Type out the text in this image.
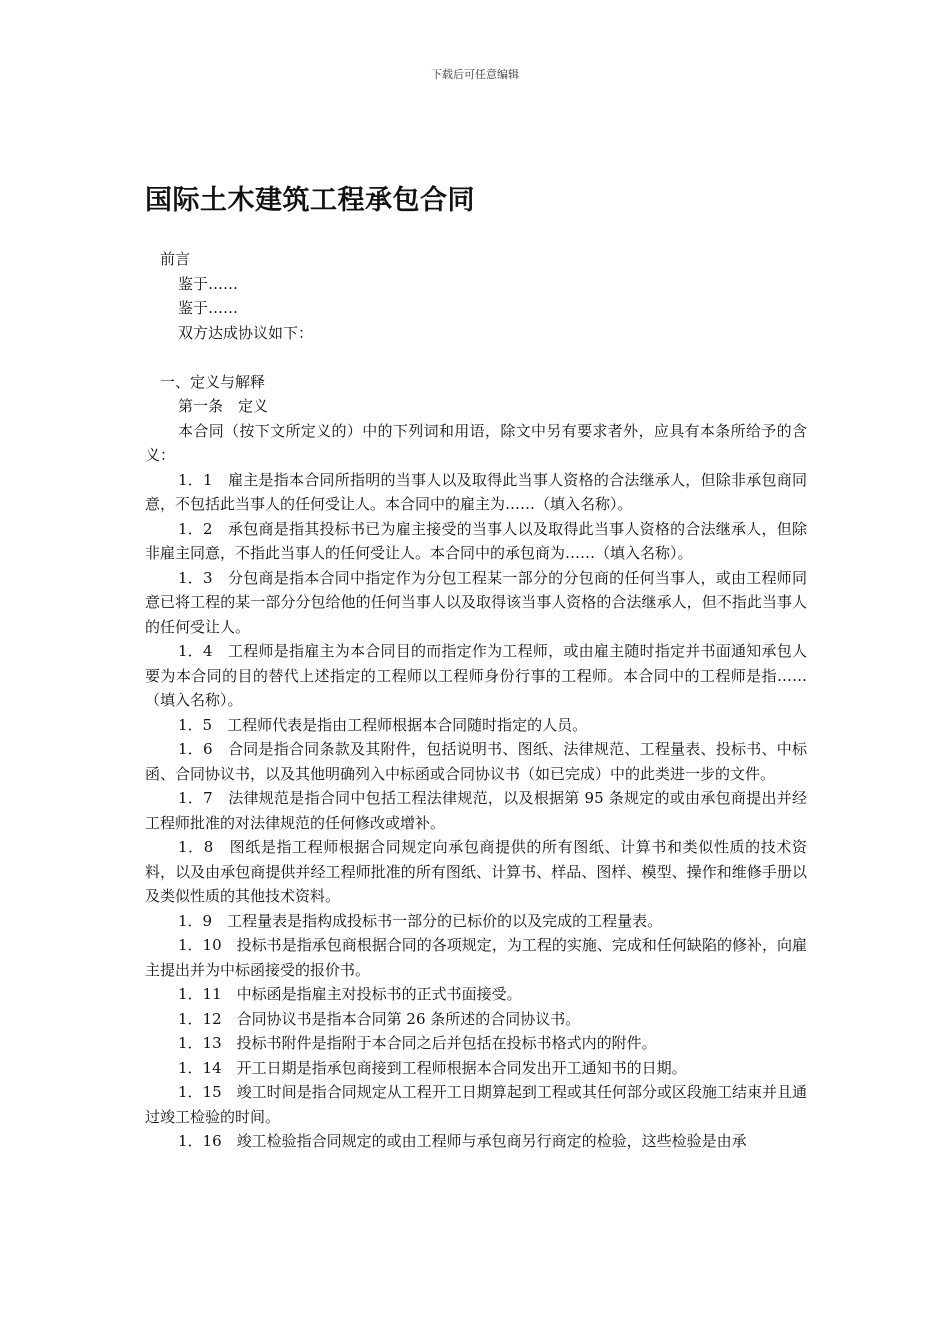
下载后可任意编辑
国际土木建筑工程承包合同

前言

鉴于……

鉴于……

双方达成协议如下：

一、定义与解释

第一条　定义

本合同（按下文所定义的）中的下列词和用语，除文中另有要求者外，应具有本条所给予的含义：

1．1　雇主是指本合同所指明的当事人以及取得此当事人资格的合法继承人，但除非承包商同意，不包括此当事人的任何受让人。本合同中的雇主为……（填入名称）。

1．2　承包商是指其投标书已为雇主接受的当事人以及取得此当事人资格的合法继承人，但除非雇主同意，不指此当事人的任何受让人。本合同中的承包商为……（填入名称）。

1．3　分包商是指本合同中指定作为分包工程某一部分的分包商的任何当事人，或由工程师同意已将工程的某一部分分包给他的任何当事人以及取得该当事人资格的合法继承人，但不指此当事人的任何受让人。

1．4　工程师是指雇主为本合同目的而指定作为工程师，或由雇主随时指定并书面通知承包人要为本合同的目的替代上述指定的工程师以工程师身份行事的工程师。本合同中的工程师是指……（填入名称）。

1．5　工程师代表是指由工程师根据本合同随时指定的人员。

1．6　合同是指合同条款及其附件，包括说明书、图纸、法律规范、工程量表、投标书、中标函、合同协议书，以及其他明确列入中标函或合同协议书（如已完成）中的此类进一步的文件。

1．7　法律规范是指合同中包括工程法律规范，以及根据第 95 条规定的或由承包商提出并经工程师批准的对法律规范的任何修改或增补。

1．8　图纸是指工程师根据合同规定向承包商提供的所有图纸、计算书和类似性质的技术资料，以及由承包商提供并经工程师批准的所有图纸、计算书、样品、图样、模型、操作和维修手册以及类似性质的其他技术资料。

1．9　工程量表是指构成投标书一部分的已标价的以及完成的工程量表。

1．10　投标书是指承包商根据合同的各项规定，为工程的实施、完成和任何缺陷的修补，向雇主提出并为中标函接受的报价书。

1．11　中标函是指雇主对投标书的正式书面接受。

1．12　合同协议书是指本合同第 26 条所述的合同协议书。

1．13　投标书附件是指附于本合同之后并包括在投标书格式内的附件。

1．14　开工日期是指承包商接到工程师根据本合同发出开工通知书的日期。

1．15　竣工时间是指合同规定从工程开工日期算起到工程或其任何部分或区段施工结束并且通过竣工检验的时间。

1．16　竣工检验指合同规定的或由工程师与承包商另行商定的检验，这些检验是由承
